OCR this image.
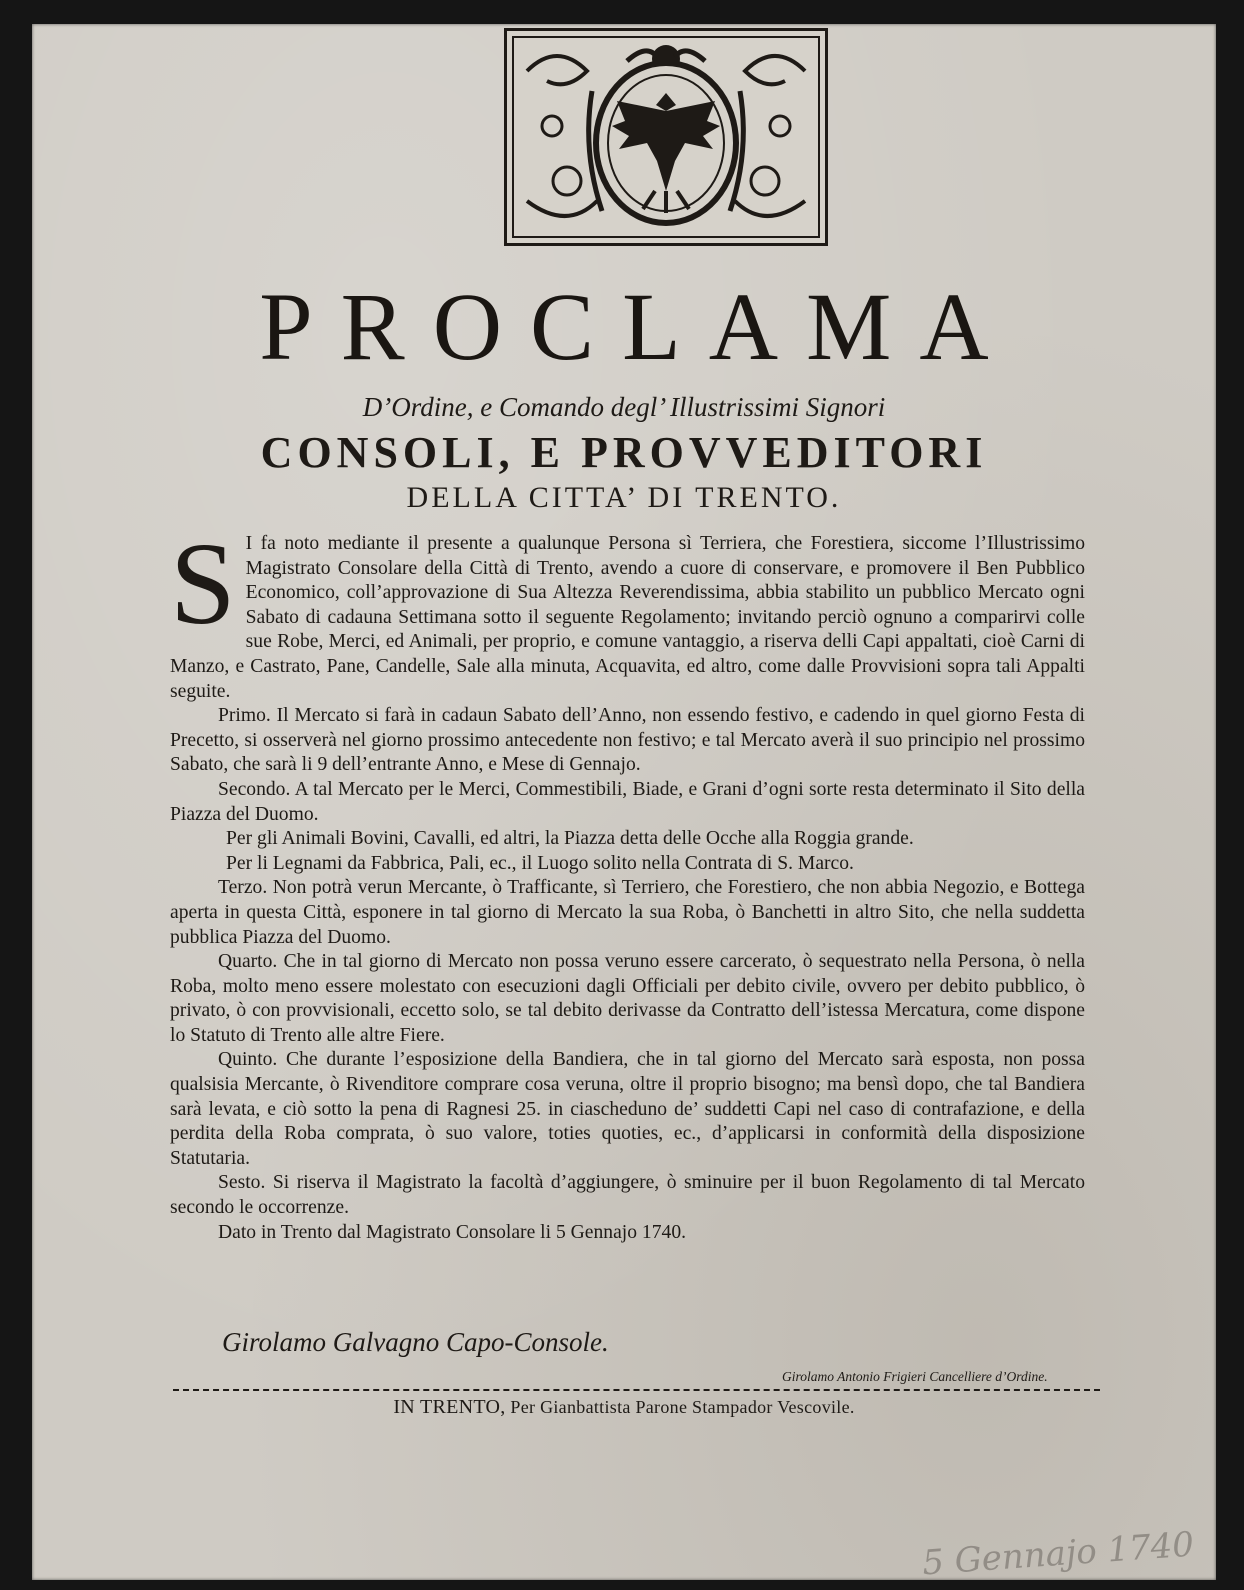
PROCLAMA
D’Ordine, e Comando degl’ Illustrissimi Signori
CONSOLI, E PROVVEDITORI
DELLA CITTA’ DI TRENTO.

S I fa noto mediante il presente a qualunque Persona sì Terriera, che Forestiera, siccome l’Illustrissimo Magistrato Consolare della Città di Trento, avendo a cuore di conservare, e promovere il Ben Pubblico Economico, coll’approvazione di Sua Altezza Reverendissima, abbia stabilito un pubblico Mercato ogni Sabato di cadauna Settimana sotto il seguente Regolamento; invitando perciò ognuno a comparirvi colle sue Robe, Merci, ed Animali, per proprio, e comune vantaggio, a riserva delli Capi appaltati, cioè Carni di Manzo, e Castrato, Pane, Candelle, Sale alla minuta, Acquavita, ed altro, come dalle Provvisioni sopra tali Appalti seguite.

Primo. Il Mercato si farà in cadaun Sabato dell’Anno, non essendo festivo, e cadendo in quel giorno Festa di Precetto, si osserverà nel giorno prossimo antecedente non festivo; e tal Mercato averà il suo principio nel prossimo Sabato, che sarà li 9 dell’entrante Anno, e Mese di Gennajo.

Secondo. A tal Mercato per le Merci, Commestibili, Biade, e Grani d’ogni sorte resta determinato il Sito della Piazza del Duomo.

Per gli Animali Bovini, Cavalli, ed altri, la Piazza detta delle Ocche alla Roggia grande.

Per li Legnami da Fabbrica, Pali, ec., il Luogo solito nella Contrata di S. Marco.

Terzo. Non potrà verun Mercante, ò Trafficante, sì Terriero, che Forestiero, che non abbia Negozio, e Bottega aperta in questa Città, esponere in tal giorno di Mercato la sua Roba, ò Banchetti in altro Sito, che nella suddetta pubblica Piazza del Duomo.

Quarto. Che in tal giorno di Mercato non possa veruno essere carcerato, ò sequestrato nella Persona, ò nella Roba, molto meno essere molestato con esecuzioni dagli Officiali per debito civile, ovvero per debito pubblico, ò privato, ò con provvisionali, eccetto solo, se tal debito derivasse da Contratto dell’istessa Mercatura, come dispone lo Statuto di Trento alle altre Fiere.

Quinto. Che durante l’esposizione della Bandiera, che in tal giorno del Mercato sarà esposta, non possa qualsisia Mercante, ò Rivenditore comprare cosa veruna, oltre il proprio bisogno; ma bensì dopo, che tal Bandiera sarà levata, e ciò sotto la pena di Ragnesi 25. in ciascheduno de’ suddetti Capi nel caso di contrafazione, e della perdita della Roba comprata, ò suo valore, toties quoties, ec., d’applicarsi in conformità della disposizione Statutaria.

Sesto. Si riserva il Magistrato la facoltà d’aggiungere, ò sminuire per il buon Regolamento di tal Mercato secondo le occorrenze.

Dato in Trento dal Magistrato Consolare li 5 Gennajo 1740.

Girolamo Galvagno Capo-Console.
Girolamo Antonio Frigieri Cancelliere d’Ordine.
IN TRENTO, Per Gianbattista Parone Stampador Vescovile.
5 Gennajo 1740
